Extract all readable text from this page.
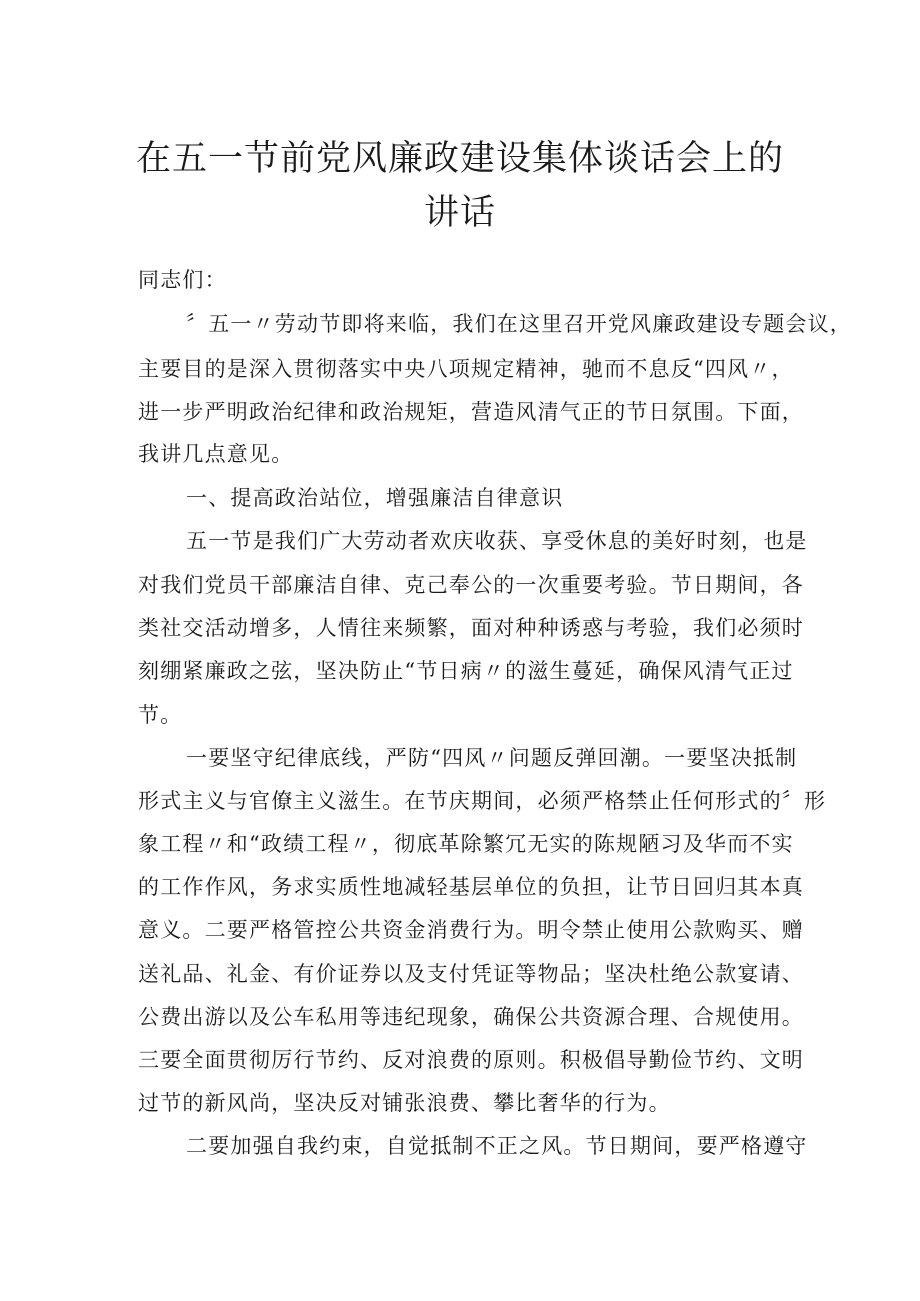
在五一节前党风廉政建设集体谈话会上的
讲话
同志们：
〞五一〃劳动节即将来临，我们在这里召开党风廉政建设专题会议，
主要目的是深入贯彻落实中央八项规定精神，驰而不息反“四风〃，
进一步严明政治纪律和政治规矩，营造风清气正的节日氛围。下面，
我讲几点意见。
一、提高政治站位，增强廉洁自律意识
五一节是我们广大劳动者欢庆收获、享受休息的美好时刻，也是
对我们党员干部廉洁自律、克己奉公的一次重要考验。节日期间，各
类社交活动增多，人情往来频繁，面对种种诱惑与考验，我们必须时
刻绷紧廉政之弦，坚决防止“节日病〃的滋生蔓延，确保风清气正过
节。
一要坚守纪律底线，严防“四风〃问题反弹回潮。一要坚决抵制
形式主义与官僚主义滋生。在节庆期间，必须严格禁止任何形式的〞形
象工程〃和“政绩工程〃，彻底革除繁冗无实的陈规陋习及华而不实
的工作作风，务求实质性地减轻基层单位的负担，让节日回归其本真
意义。二要严格管控公共资金消费行为。明令禁止使用公款购买、赠
送礼品、礼金、有价证券以及支付凭证等物品；坚决杜绝公款宴请、
公费出游以及公车私用等违纪现象，确保公共资源合理、合规使用。
三要全面贯彻厉行节约、反对浪费的原则。积极倡导勤俭节约、文明
过节的新风尚，坚决反对铺张浪费、攀比奢华的行为。
二要加强自我约束，自觉抵制不正之风。节日期间，要严格遵守
